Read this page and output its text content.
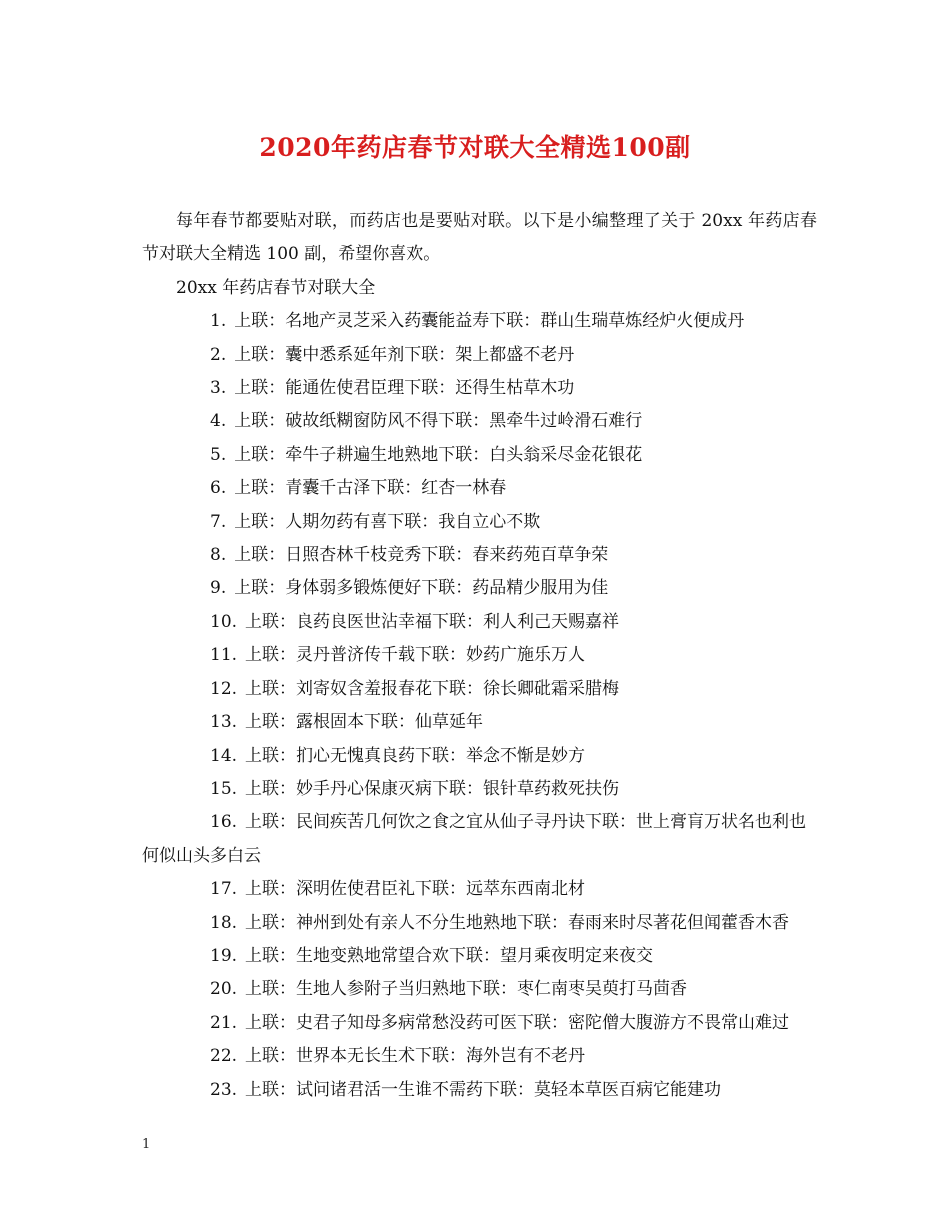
2020年药店春节对联大全精选100副

每年春节都要贴对联，而药店也是要贴对联。以下是小编整理了关于 20xx 年药店春节对联大全精选 100 副，希望你喜欢。

20xx 年药店春节对联大全

1. 上联：名地产灵芝采入药囊能益寿下联：群山生瑞草炼经炉火便成丹
2. 上联：囊中悉系延年剂下联：架上都盛不老丹
3. 上联：能通佐使君臣理下联：还得生枯草木功
4. 上联：破故纸糊窗防风不得下联：黑牵牛过岭滑石难行
5. 上联：牵牛子耕遍生地熟地下联：白头翁采尽金花银花
6. 上联：青囊千古泽下联：红杏一林春
7. 上联：人期勿药有喜下联：我自立心不欺
8. 上联：日照杏林千枝竞秀下联：春来药苑百草争荣
9. 上联：身体弱多锻炼便好下联：药品精少服用为佳
10. 上联：良药良医世沾幸福下联：利人利己天赐嘉祥
11. 上联：灵丹普济传千载下联：妙药广施乐万人
12. 上联：刘寄奴含羞报春花下联：徐长卿砒霜采腊梅
13. 上联：露根固本下联：仙草延年
14. 上联：扪心无愧真良药下联：举念不惭是妙方
15. 上联：妙手丹心保康灭病下联：银针草药救死扶伤
16. 上联：民间疾苦几何饮之食之宜从仙子寻丹诀下联：世上膏肓万状名也利也何似山头多白云
17. 上联：深明佐使君臣礼下联：远萃东西南北材
18. 上联：神州到处有亲人不分生地熟地下联：春雨来时尽著花但闻藿香木香
19. 上联：生地变熟地常望合欢下联：望月乘夜明定来夜交
20. 上联：生地人参附子当归熟地下联：枣仁南枣吴萸打马茴香
21. 上联：史君子知母多病常愁没药可医下联：密陀僧大腹游方不畏常山难过
22. 上联：世界本无长生术下联：海外岂有不老丹
23. 上联：试问诸君活一生谁不需药下联：莫轻本草医百病它能建功
1
